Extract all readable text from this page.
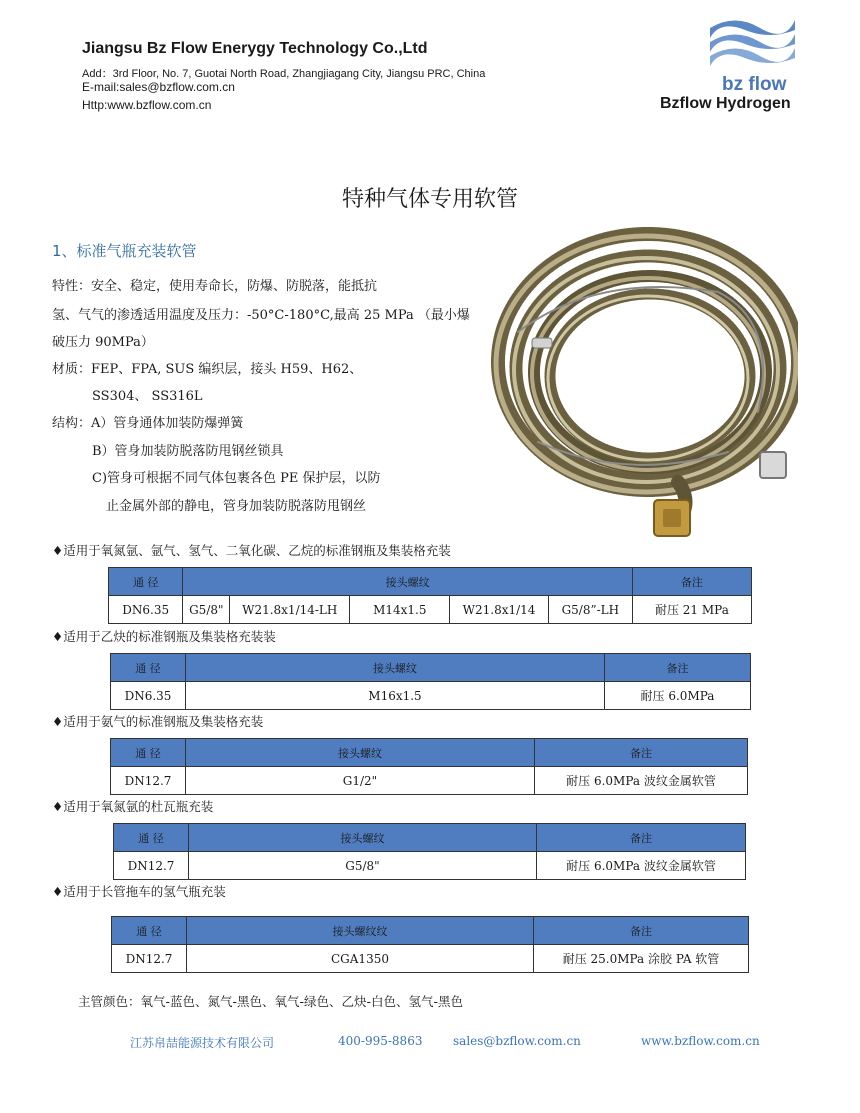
Jiangsu Bz Flow Enerygy Technology Co.,Ltd
Add：3rd Floor, No. 7, Guotai North Road, Zhangjiagang City, Jiangsu PRC, China
E-mail:sales@bzflow.com.cn
Http:www.bzflow.com.cn
bz flow
Bzflow Hydrogen
特种气体专用软管
1、标准气瓶充装软管
特性：安全、稳定，使用寿命长，防爆、防脱落，能抵抗
氢、气气的渗透适用温度及压力：-50°C-180°C,最高 25 MPa （最小爆
破压力 90MPa）
材质：FEP、FPA, SUS 编织层，接头 H59、H62、
SS304、 SS316L
结构：A）管身通体加装防爆弹簧
B）管身加装防脱落防甩钢丝锁具
C)管身可根据不同气体包裹各色 PE 保护层，以防
止金属外部的静电，管身加装防脱落防甩钢丝
♦适用于氧氮氩、氩气、氢气、二氧化碳、乙烷的标准钢瓶及集装格充装
通 径	接头螺纹					备注
DN6.35	G5/8"	W21.8x1/14-LH	M14x1.5	W21.8x1/14	G5/8”-LH	耐压 21 MPa
♦适用于乙炔的标准钢瓶及集装格充装装
通 径	接头螺纹	备注
DN6.35	M16x1.5	耐压 6.0MPa
♦适用于氨气的标准钢瓶及集装格充装
通 径	接头螺纹	备注
DN12.7	G1/2"	耐压 6.0MPa 波纹金属软管
♦适用于氧氮氩的杜瓦瓶充装
通 径	接头螺纹	备注
DN12.7	G5/8"	耐压 6.0MPa 波纹金属软管
♦适用于长管拖车的氢气瓶充装
通 径	接头螺纹纹	备注
DN12.7	CGA1350	耐压 25.0MPa 涂胶 PA 软管
主管颜色：氧气-蓝色、氮气-黑色、氧气-绿色、乙炔-白色、氢气-黑色
江苏帛喆能源技术有限公司	400-995-8863	sales@bzflow.com.cn	www.bzflow.com.cn
